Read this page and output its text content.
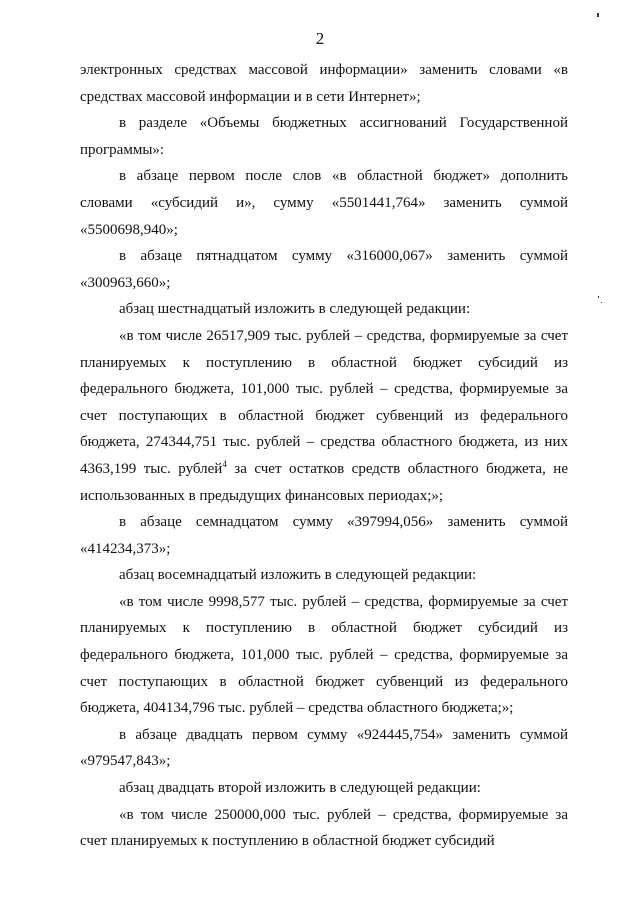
2

электронных средствах массовой информации» заменить словами «в средствах массовой информации и в сети Интернет»;

в разделе «Объемы бюджетных ассигнований Государственной программы»:

в абзаце первом после слов «в областной бюджет» дополнить словами «субсидий и», сумму «5501441,764» заменить суммой «5500698,940»;

в абзаце пятнадцатом сумму «316000,067» заменить суммой «300963,660»;

абзац шестнадцатый изложить в следующей редакции:

«в том числе 26517,909 тыс. рублей – средства, формируемые за счет планируемых к поступлению в областной бюджет субсидий из федерального бюджета, 101,000 тыс. рублей – средства, формируемые за счет поступающих в областной бюджет субвенций из федерального бюджета, 274344,751 тыс. рублей – средства областного бюджета, из них 4363,199 тыс. рублей$^4$ за счет остатков средств областного бюджета, не использованных в предыдущих финансовых периодах;»;

в абзаце семнадцатом сумму «397994,056» заменить суммой «414234,373»;

абзац восемнадцатый изложить в следующей редакции:

«в том числе 9998,577 тыс. рублей – средства, формируемые за счет планируемых к поступлению в областной бюджет субсидий из федерального бюджета, 101,000 тыс. рублей – средства, формируемые за счет поступающих в областной бюджет субвенций из федерального бюджета, 404134,796 тыс. рублей – средства областного бюджета;»;

в абзаце двадцать первом сумму «924445,754» заменить суммой «979547,843»;

абзац двадцать второй изложить в следующей редакции:

«в том числе 250000,000 тыс. рублей – средства, формируемые за счет планируемых к поступлению в областной бюджет субсидий
